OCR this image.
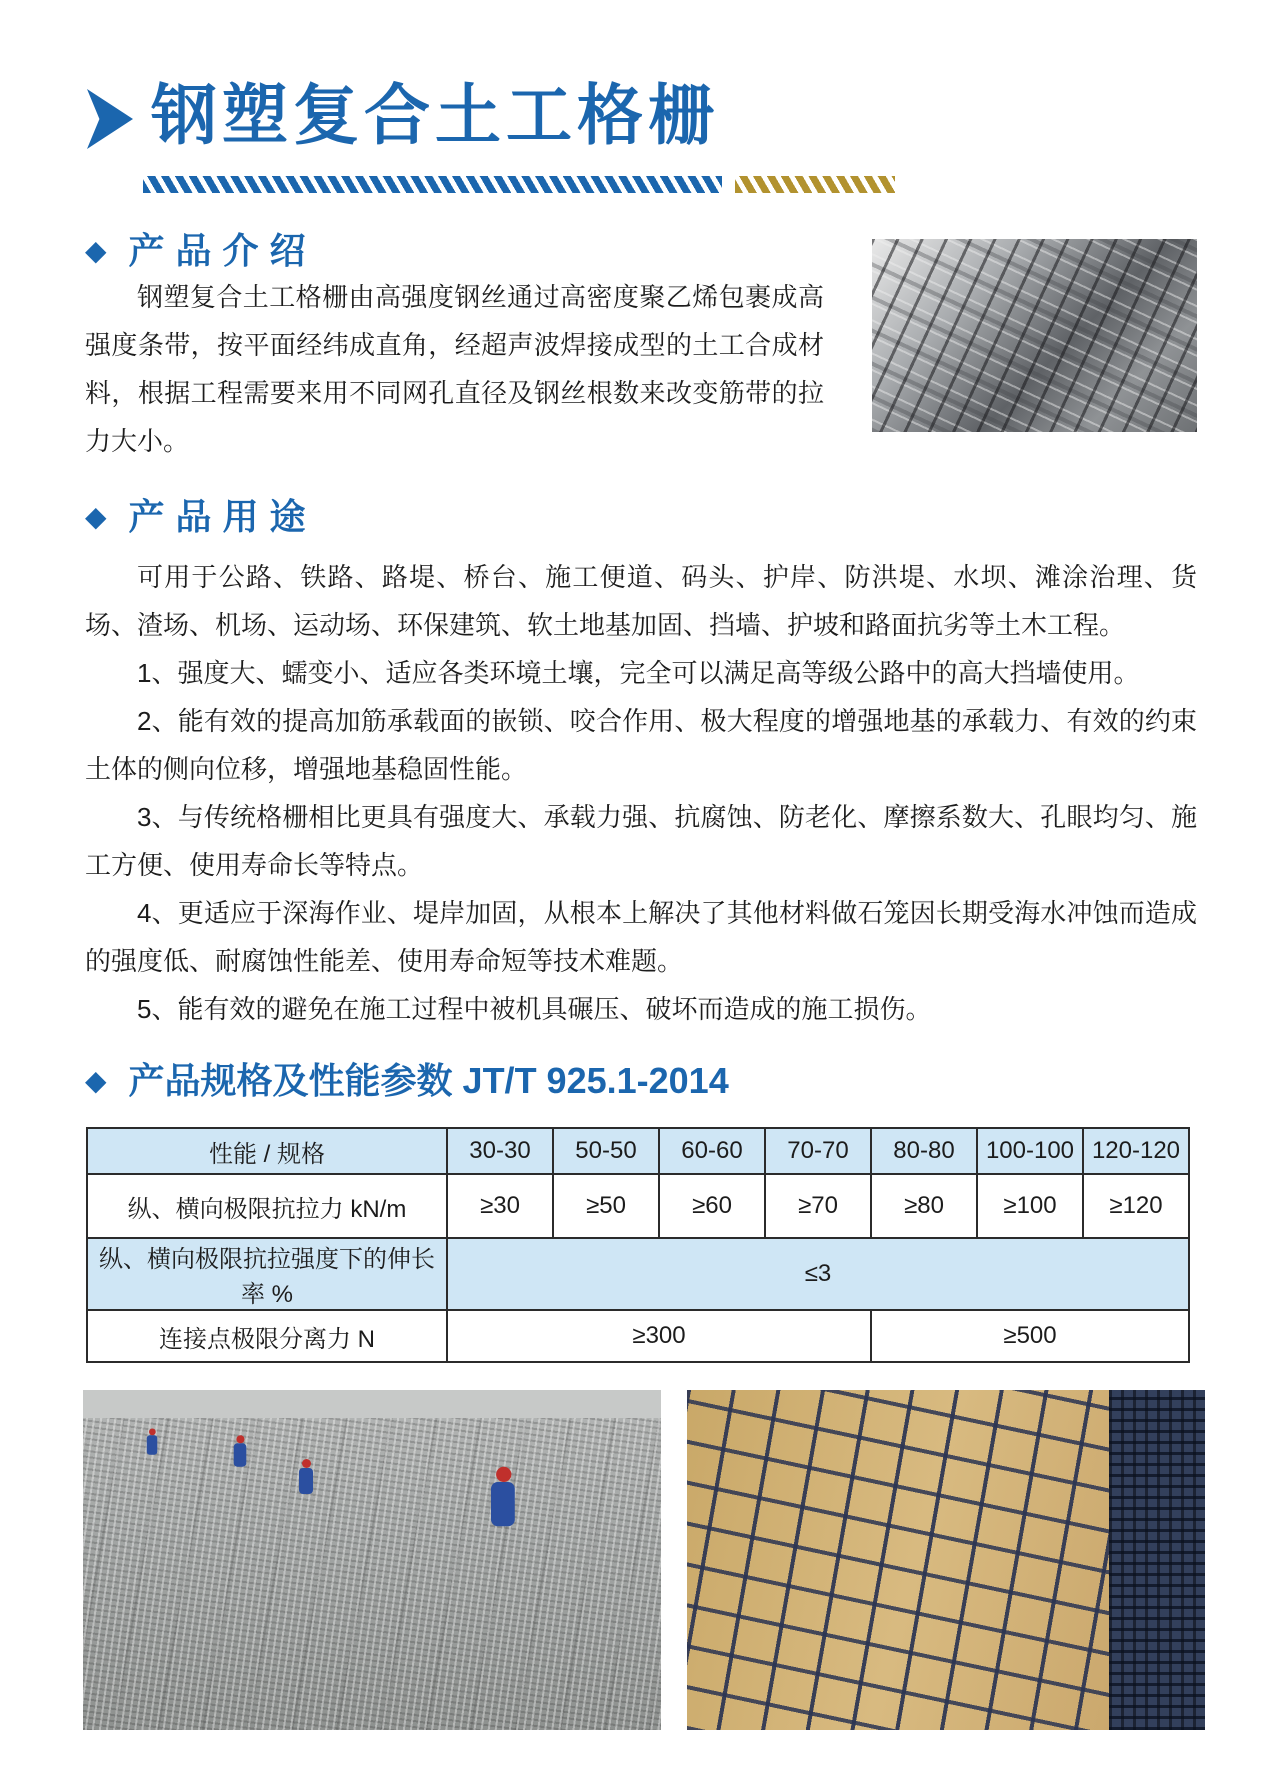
钢塑复合土工格栅
◆ 产品介绍

钢塑复合土工格栅由高强度钢丝通过高密度聚乙烯包裹成高强度条带，按平面经纬成直角，经超声波焊接成型的土工合成材料，根据工程需要来用不同网孔直径及钢丝根数来改变筋带的拉力大小。

◆ 产品用途

可用于公路、铁路、路堤、桥台、施工便道、码头、护岸、防洪堤、水坝、滩涂治理、货场、渣场、机场、运动场、环保建筑、软土地基加固、挡墙、护坡和路面抗劣等土木工程。

1、强度大、蠕变小、适应各类环境土壤，完全可以满足高等级公路中的高大挡墙使用。

2、能有效的提高加筋承载面的嵌锁、咬合作用、极大程度的增强地基的承载力、有效的约束土体的侧向位移，增强地基稳固性能。

3、与传统格栅相比更具有强度大、承载力强、抗腐蚀、防老化、摩擦系数大、孔眼均匀、施工方便、使用寿命长等特点。

4、更适应于深海作业、堤岸加固，从根本上解决了其他材料做石笼因长期受海水冲蚀而造成的强度低、耐腐蚀性能差、使用寿命短等技术难题。

5、能有效的避免在施工过程中被机具碾压、破坏而造成的施工损伤。

◆ 产品规格及性能参数 JT/T 925.1-2014
性能 / 规格	30-30	50-50	60-60	70-70	80-80	100-100	120-120
纵、横向极限抗拉力 kN/m	≥30	≥50	≥60	≥70	≥80	≥100	≥120
纵、横向极限抗拉强度下的伸长率 %	≤3						
连接点极限分离力 N	≥300				≥500		
